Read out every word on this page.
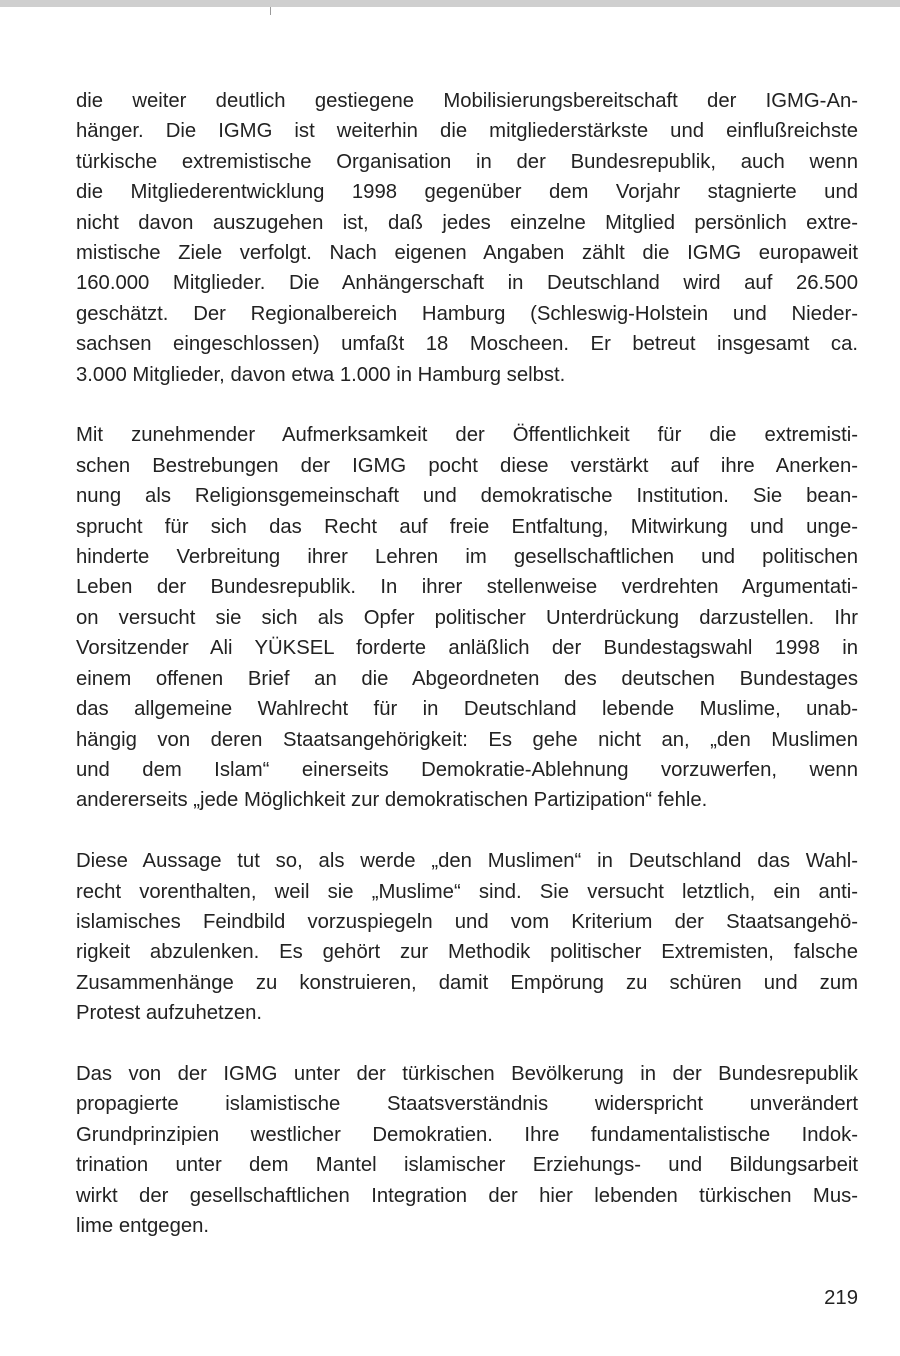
die weiter deutlich gestiegene Mobilisierungsbereitschaft der IGMG-An-
hänger. Die IGMG ist weiterhin die mitgliederstärkste und einflußreichste
türkische extremistische Organisation in der Bundesrepublik, auch wenn
die Mitgliederentwicklung 1998 gegenüber dem Vorjahr stagnierte und
nicht davon auszugehen ist, daß jedes einzelne Mitglied persönlich extre-
mistische Ziele verfolgt. Nach eigenen Angaben zählt die IGMG europaweit
160.000 Mitglieder. Die Anhängerschaft in Deutschland wird auf 26.500
geschätzt. Der Regionalbereich Hamburg (Schleswig-Holstein und Nieder-
sachsen eingeschlossen) umfaßt 18 Moscheen. Er betreut insgesamt ca.
3.000 Mitglieder, davon etwa 1.000 in Hamburg selbst.

Mit zunehmender Aufmerksamkeit der Öffentlichkeit für die extremisti-
schen Bestrebungen der IGMG pocht diese verstärkt auf ihre Anerken-
nung als Religionsgemeinschaft und demokratische Institution. Sie bean-
sprucht für sich das Recht auf freie Entfaltung, Mitwirkung und unge-
hinderte Verbreitung ihrer Lehren im gesellschaftlichen und politischen
Leben der Bundesrepublik. In ihrer stellenweise verdrehten Argumentati-
on versucht sie sich als Opfer politischer Unterdrückung darzustellen. Ihr
Vorsitzender Ali YÜKSEL forderte anläßlich der Bundestagswahl 1998 in
einem offenen Brief an die Abgeordneten des deutschen Bundestages
das allgemeine Wahlrecht für in Deutschland lebende Muslime, unab-
hängig von deren Staatsangehörigkeit: Es gehe nicht an, „den Muslimen
und dem Islam“ einerseits Demokratie-Ablehnung vorzuwerfen, wenn
andererseits „jede Möglichkeit zur demokratischen Partizipation“ fehle.

Diese Aussage tut so, als werde „den Muslimen“ in Deutschland das Wahl-
recht vorenthalten, weil sie „Muslime“ sind. Sie versucht letztlich, ein anti-
islamisches Feindbild vorzuspiegeln und vom Kriterium der Staatsangehö-
rigkeit abzulenken. Es gehört zur Methodik politischer Extremisten, falsche
Zusammenhänge zu konstruieren, damit Empörung zu schüren und zum
Protest aufzuhetzen.

Das von der IGMG unter der türkischen Bevölkerung in der Bundesrepublik
propagierte islamistische Staatsverständnis widerspricht unverändert
Grundprinzipien westlicher Demokratien. Ihre fundamentalistische Indok-
trination unter dem Mantel islamischer Erziehungs- und Bildungsarbeit
wirkt der gesellschaftlichen Integration der hier lebenden türkischen Mus-
lime entgegen.

219
